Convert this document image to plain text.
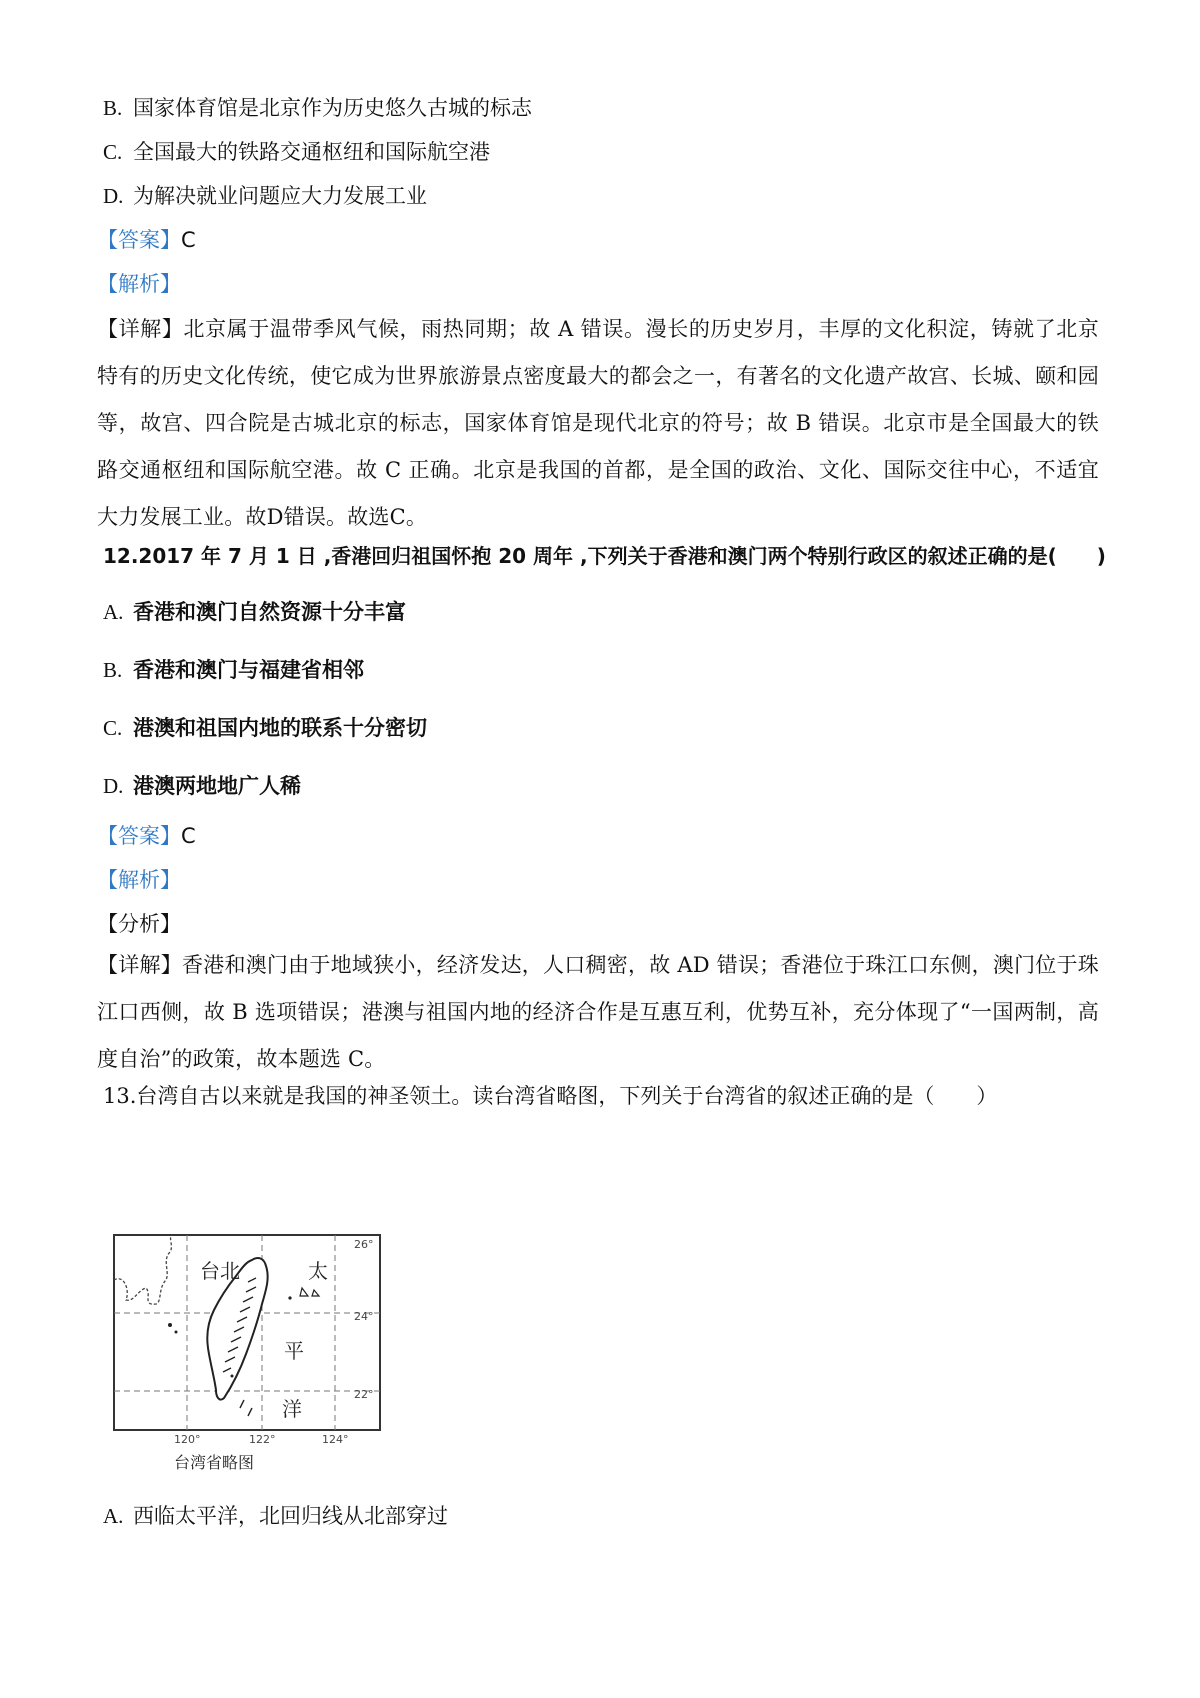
B. 国家体育馆是北京作为历史悠久古城的标志
C. 全国最大的铁路交通枢纽和国际航空港
D. 为解决就业问题应大力发展工业
【答案】C
【解析】
【详解】北京属于温带季风气候，雨热同期；故 A 错误。漫长的历史岁月，丰厚的文化积淀，铸就了北京特有的历史文化传统，使它成为世界旅游景点密度最大的都会之一，有著名的文化遗产故宫、长城、颐和园等，故宫、四合院是古城北京的标志，国家体育馆是现代北京的符号；故 B 错误。北京市是全国最大的铁路交通枢纽和国际航空港。故 C 正确。北京是我国的首都，是全国的政治、文化、国际交往中心，不适宜大力发展工业。故D错误。故选C。
12.2017 年 7 月 1 日 ,香港回归祖国怀抱 20 周年 ,下列关于香港和澳门两个特别行政区的叙述正确的是(　　)
A. 香港和澳门自然资源十分丰富
B. 香港和澳门与福建省相邻
C. 港澳和祖国内地的联系十分密切
D. 港澳两地地广人稀
【答案】C
【解析】
【分析】
【详解】香港和澳门由于地域狭小，经济发达，人口稠密，故 AD 错误；香港位于珠江口东侧，澳门位于珠江口西侧，故 B 选项错误；港澳与祖国内地的经济合作是互惠互利，优势互补，充分体现了“一国两制，高度自治”的政策，故本题选 C。
13.台湾自古以来就是我国的神圣领土。读台湾省略图，下列关于台湾省的叙述正确的是（　　）
台北	太
平
洋
26°
24°
22°
120°	122°	124°
台湾省略图
A. 西临太平洋，北回归线从北部穿过
